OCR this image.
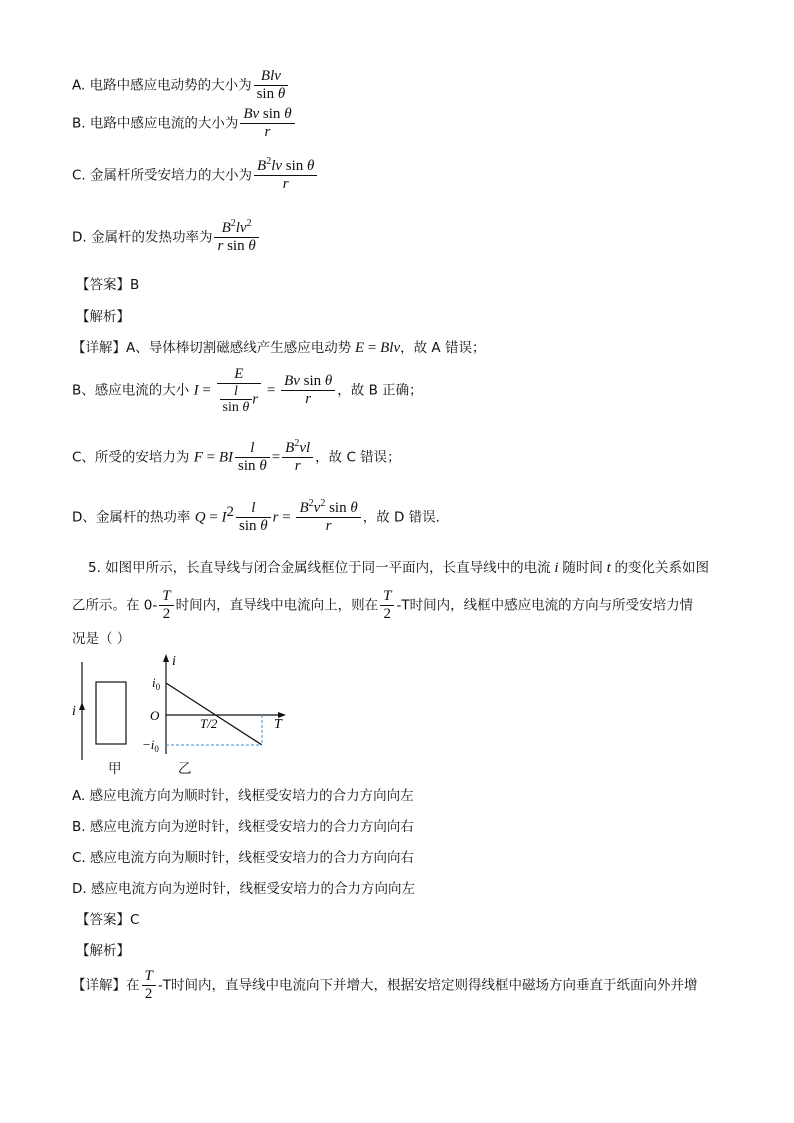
A. 电路中感应电动势的大小为 $\frac{\text{Blv}}{\text{sin θ}}$
B. 电路中感应电流的大小为 $\frac{\text{Bv sin θ}}{r}$
C. 金属杆所受安培力的大小为 $\frac{B^2lv \sin \theta}{r}$
D. 金属杆的发热功率为 $\frac{B^2lv^2}{\text{r sin θ}}$
【答案】B
【解析】
【详解】A、导体棒切割磁感线产生感应电动势 E = Blv，故 A 错误；
B、感应电流的大小 $I = \frac{E}{\frac{l}{\text{sin θ}} r} = \frac{\text{Bv sin θ}}{r}$ ，故 B 正确；
C、所受的安培力为 F = BI $\frac{l}{\text{sin θ}} = \frac{B^2vl}{r}$ ，故 C 错误；
D、金属杆的热功率 $Q = I^2 \frac{l}{\text{sin θ}}$ $r = \frac{B^2v^2 \sin \theta}{r}$ ，故 D 错误.
5. 如图甲所示，长直导线与闭合金属线框位于同一平面内，长直导线中的电流 i 随时间 t 的变化关系如图
乙所示。在 $0- \frac{T}{2}$ 时间内，直导线中电流向上，则在 $\frac{T}{2} -T$时间内，线框中感应电流的方向与所受安培力情
况是（ ）
i
甲
i
T
O
$i_0$
$-i_0$
T/2
乙
A. 感应电流方向为顺时针，线框受安培力的合力方向向左
B. 感应电流方向为逆时针，线框受安培力的合力方向向右
C. 感应电流方向为顺时针，线框受安培力的合力方向向右
D. 感应电流方向为逆时针，线框受安培力的合力方向向左
【答案】C
【解析】
【详解】在 $\frac{T}{2} -T$时间内，直导线中电流向下并增大，根据安培定则得线框中磁场方向垂直于纸面向外并增
